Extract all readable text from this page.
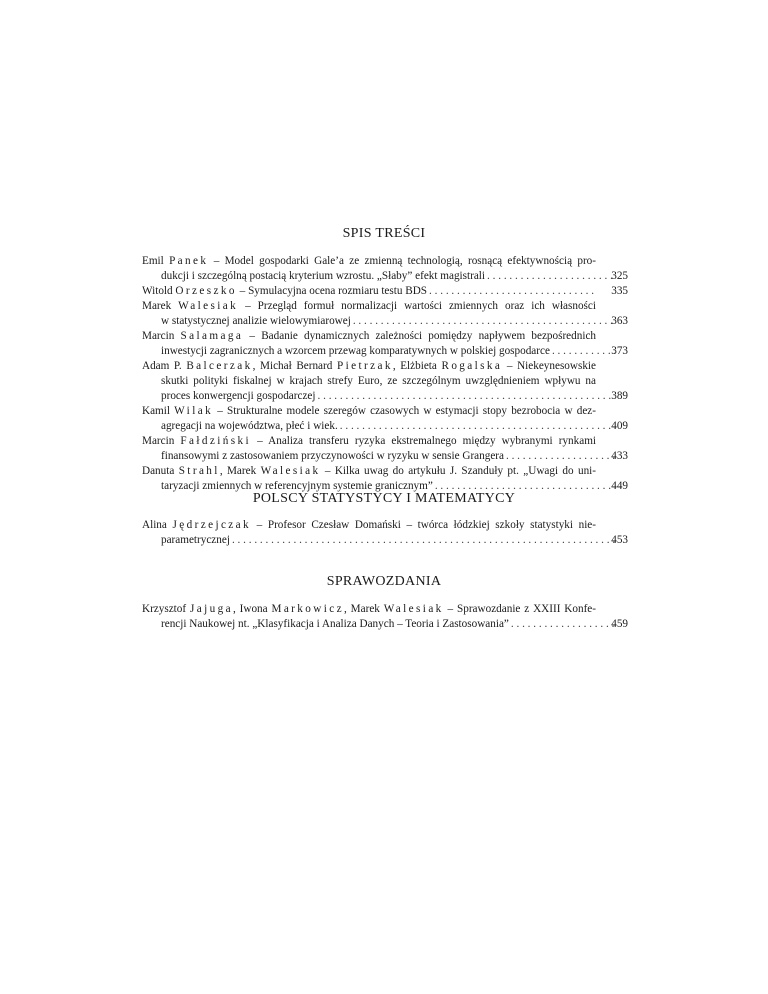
SPIS TREŚCI
Emil Panek – Model gospodarki Gale’a ze zmienną technologią, rosnącą efektywnością pro-
dukcji i szczególną postacią kryterium wzrostu. „Słaby” efekt magistrali . . .	325
Witold Orzeszko – Symulacyjna ocena rozmiaru testu BDS . . .	335
Marek Walesiak – Przegląd formuł normalizacji wartości zmiennych oraz ich własności
w statystycznej analizie wielowymiarowej . . .	363
Marcin Salamaga – Badanie dynamicznych zależności pomiędzy napływem bezpośrednich
inwestycji zagranicznych a wzorcem przewag komparatywnych w polskiej gospodarce . . .	373
Adam P. Balcerzak, Michał Bernard Pietrzak, Elżbieta Rogalska – Niekeynesowskie
skutki polityki fiskalnej w krajach strefy Euro, ze szczególnym uwzględnieniem wpływu na
proces konwergencji gospodarczej . . .	389
Kamil Wilak – Strukturalne modele szeregów czasowych w estymacji stopy bezrobocia w dez-
agregacji na województwa, płeć i wiek. . . .	409
Marcin Fałdziński – Analiza transferu ryzyka ekstremalnego między wybranymi rynkami
finansowymi z zastosowaniem przyczynowości w ryzyku w sensie Grangera . . .	433
Danuta Strahl, Marek Walesiak – Kilka uwag do artykułu J. Szanduły pt. „Uwagi do uni-
taryzacji zmiennych w referencyjnym systemie granicznym” . . .	449
POLSCY STATYSTYCY I MATEMATYCY
Alina Jędrzejczak – Profesor Czesław Domański – twórca łódzkiej szkoły statystyki nie-
parametrycznej . . .	453
SPRAWOZDANIA
Krzysztof Jajuga, Iwona Markowicz, Marek Walesiak – Sprawozdanie z XXIII Konfe-
rencji Naukowej nt. „Klasyfikacja i Analiza Danych – Teoria i Zastosowania” . . .	459
